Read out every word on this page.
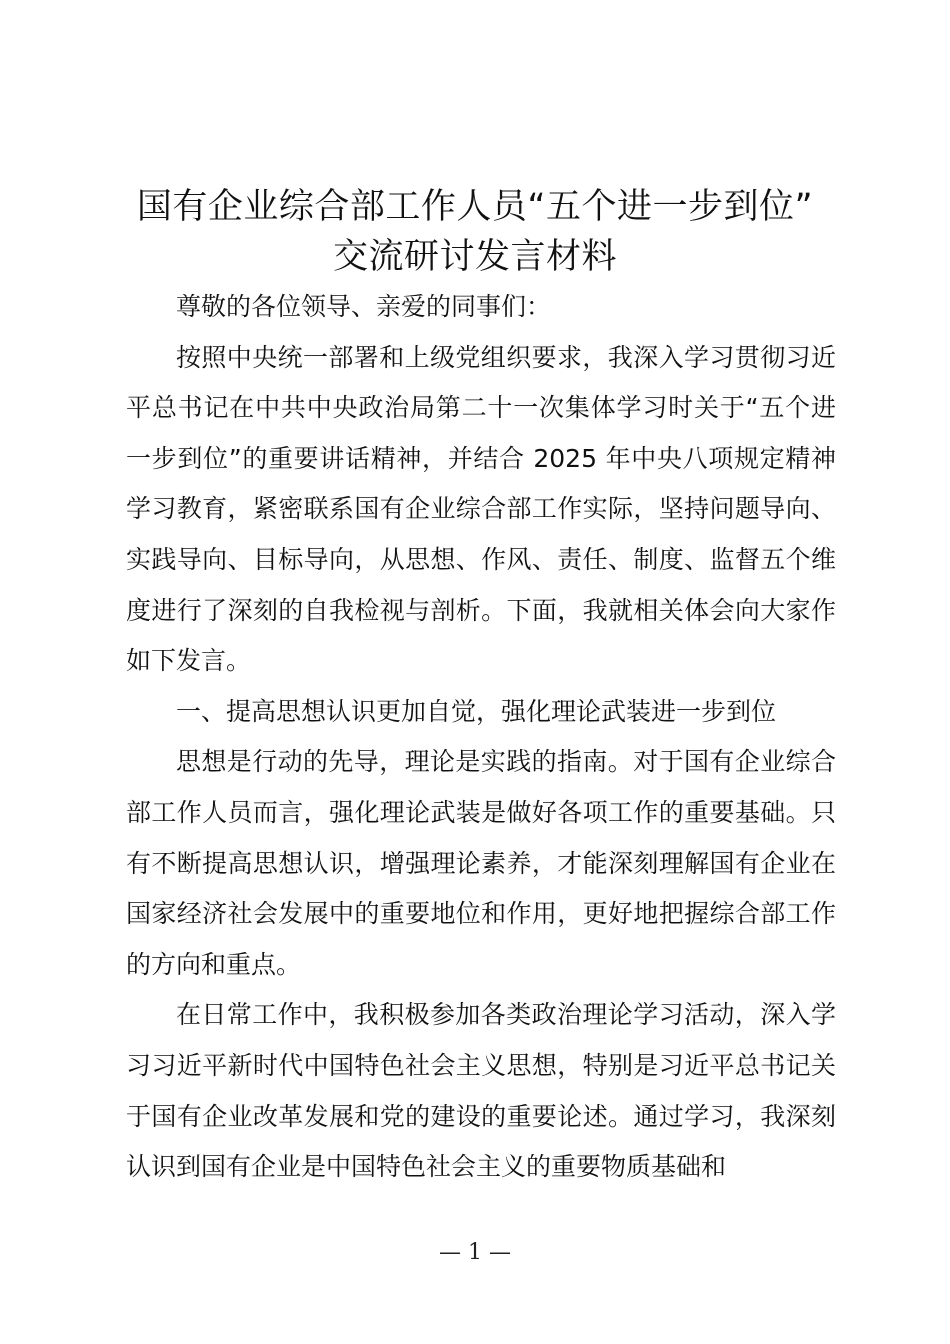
国有企业综合部工作人员“五个进一步到位”
交流研讨发言材料

尊敬的各位领导、亲爱的同事们：

按照中央统一部署和上级党组织要求，我深入学习贯彻习近平总书记在中共中央政治局第二十一次集体学习时关于“五个进一步到位”的重要讲话精神，并结合 2025 年中央八项规定精神学习教育，紧密联系国有企业综合部工作实际，坚持问题导向、实践导向、目标导向，从思想、作风、责任、制度、监督五个维度进行了深刻的自我检视与剖析。下面，我就相关体会向大家作如下发言。

一、提高思想认识更加自觉，强化理论武装进一步到位

思想是行动的先导，理论是实践的指南。对于国有企业综合部工作人员而言，强化理论武装是做好各项工作的重要基础。只有不断提高思想认识，增强理论素养，才能深刻理解国有企业在国家经济社会发展中的重要地位和作用，更好地把握综合部工作的方向和重点。

在日常工作中，我积极参加各类政治理论学习活动，深入学习习近平新时代中国特色社会主义思想，特别是习近平总书记关于国有企业改革发展和党的建设的重要论述。通过学习，我深刻认识到国有企业是中国特色社会主义的重要物质基础和

— 1 —
